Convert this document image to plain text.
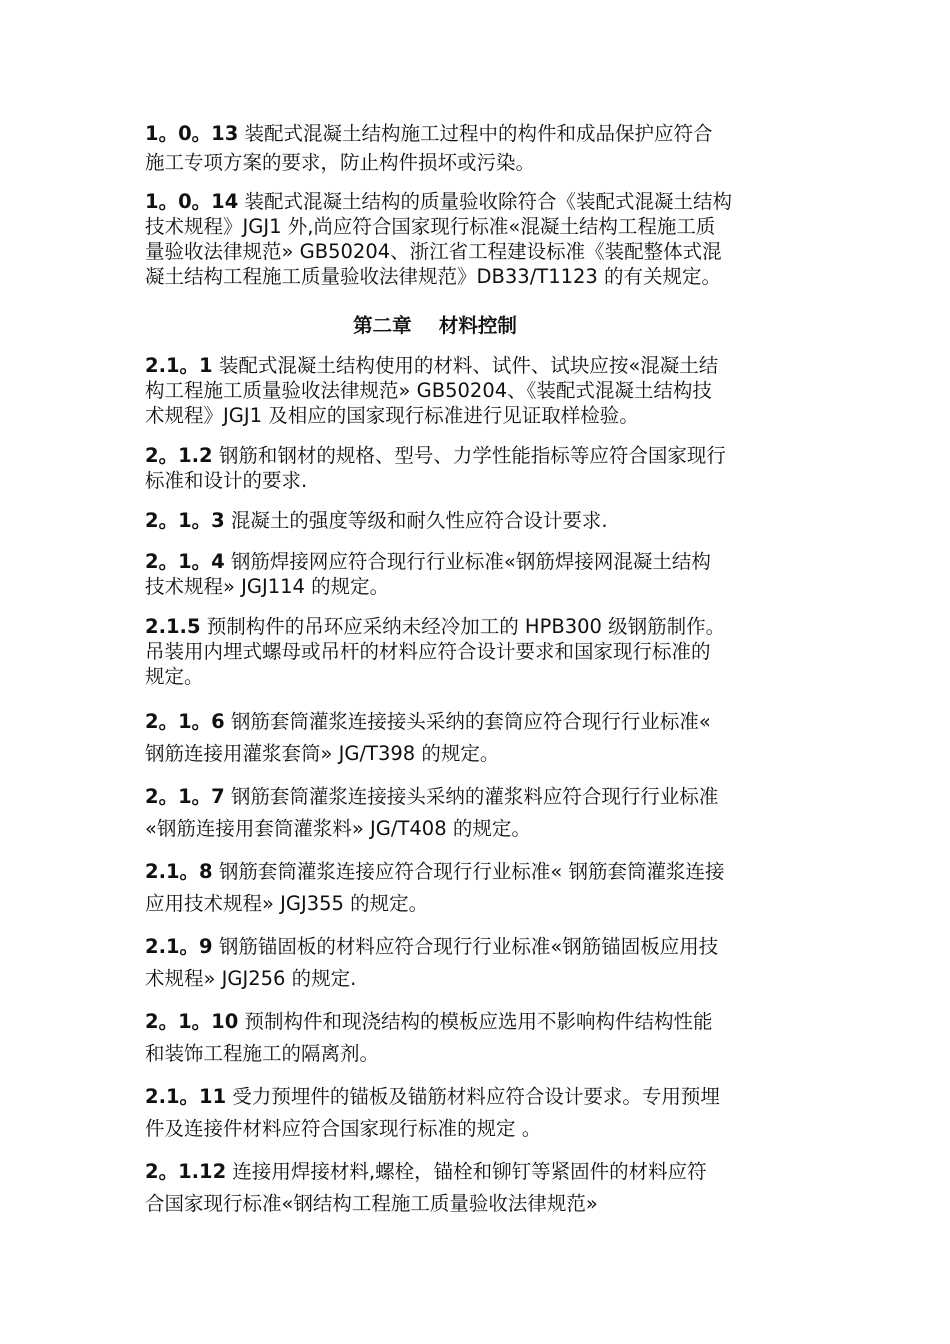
1。0。13 装配式混凝土结构施工过程中的构件和成品保护应符合
施工专项方案的要求，防止构件损坏或污染。
1。0。14 装配式混凝土结构的质量验收除符合《装配式混凝土结构
技术规程》JGJ1 外,尚应符合国家现行标准«混凝土结构工程施工质
量验收法律规范» GB50204、浙江省工程建设标准《装配整体式混
凝土结构工程施工质量验收法律规范》DB33/T1123 的有关规定。
第二章    材料控制
2.1。1 装配式混凝土结构使用的材料、试件、试块应按«混凝土结
构工程施工质量验收法律规范» GB50204、《装配式混凝土结构技
术规程》JGJ1 及相应的国家现行标准进行见证取样检验。
2。1.2 钢筋和钢材的规格、型号、力学性能指标等应符合国家现行
标准和设计的要求.
2。1。3 混凝土的强度等级和耐久性应符合设计要求.
2。1。4 钢筋焊接网应符合现行行业标准«钢筋焊接网混凝土结构
技术规程» JGJ114 的规定。
2.1.5 预制构件的吊环应采纳未经冷加工的 HPB300 级钢筋制作。
吊装用内埋式螺母或吊杆的材料应符合设计要求和国家现行标准的
规定。
2。1。6 钢筋套筒灌浆连接接头采纳的套筒应符合现行行业标准«
钢筋连接用灌浆套筒» JG/T398 的规定。
2。1。7 钢筋套筒灌浆连接接头采纳的灌浆料应符合现行行业标准
«钢筋连接用套筒灌浆料» JG/T408 的规定。
2.1。8 钢筋套筒灌浆连接应符合现行行业标准« 钢筋套筒灌浆连接
应用技术规程» JGJ355 的规定。
2.1。9 钢筋锚固板的材料应符合现行行业标准«钢筋锚固板应用技
术规程» JGJ256 的规定.
2。1。10 预制构件和现浇结构的模板应选用不影响构件结构性能
和装饰工程施工的隔离剂。
2.1。11 受力预埋件的锚板及锚筋材料应符合设计要求。专用预埋
件及连接件材料应符合国家现行标准的规定 。
2。1.12 连接用焊接材料,螺栓，锚栓和铆钉等紧固件的材料应符
合国家现行标准«钢结构工程施工质量验收法律规范»
